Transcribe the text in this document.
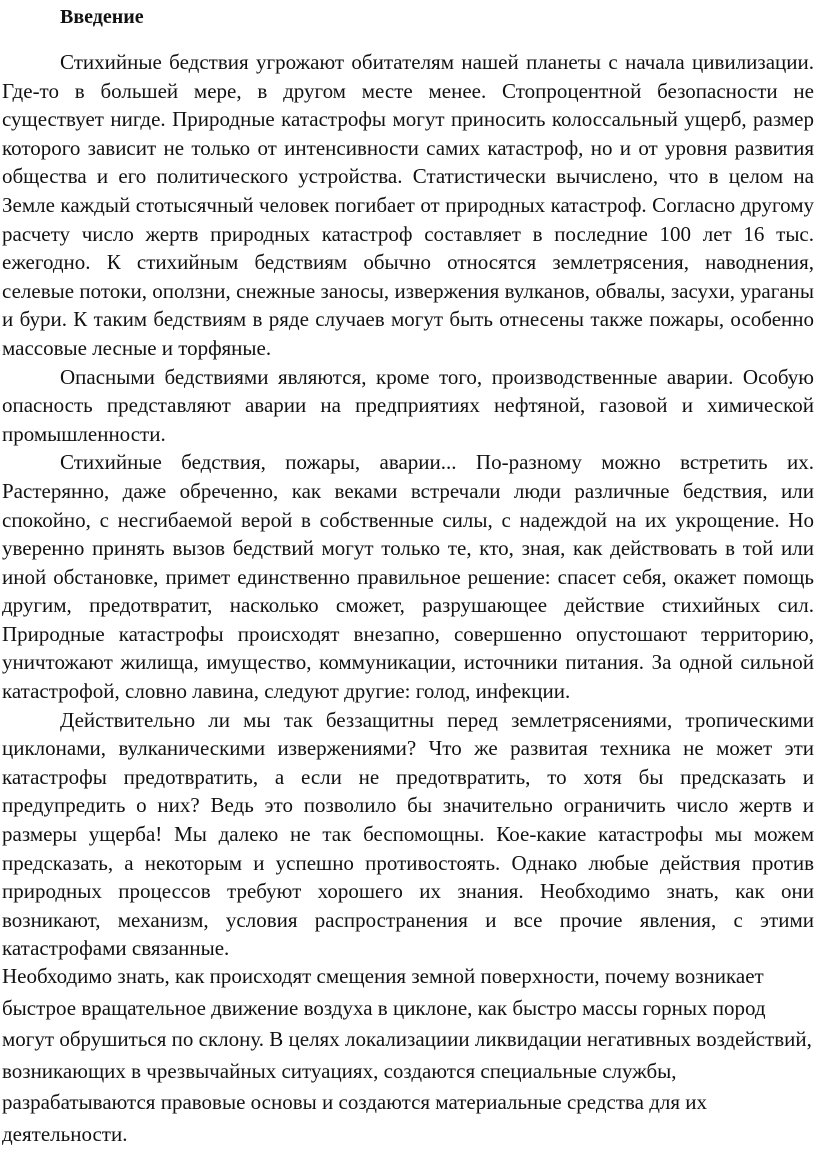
Введение

Стихийные бедствия угрожают обитателям нашей планеты с начала цивилизации. Где-то в большей мере, в другом месте менее. Стопроцентной безопасности не существует нигде. Природные катастрофы могут приносить колоссальный ущерб, размер которого зависит не только от интенсивности самих катастроф, но и от уровня развития общества и его политического устройства. Статистически вычислено, что в целом на Земле каждый стотысячный человек погибает от природных катастроф. Согласно другому расчету число жертв природных катастроф составляет в последние 100 лет 16 тыс. ежегодно. К стихийным бедствиям обычно относятся землетрясения, наводнения, селевые потоки, оползни, снежные заносы, извержения вулканов, обвалы, засухи, ураганы и бури. К таким бедствиям в ряде случаев могут быть отнесены также пожары, особенно массовые лесные и торфяные.

Опасными бедствиями являются, кроме того, производственные аварии. Особую опасность представляют аварии на предприятиях нефтяной, газовой и химической промышленности.

Стихийные бедствия, пожары, аварии... По-разному можно встретить их. Растерянно, даже обреченно, как веками встречали люди различные бедствия, или спокойно, с несгибаемой верой в собственные силы, с надеждой на их укрощение. Но уверенно принять вызов бедствий могут только те, кто, зная, как действовать в той или иной обстановке, примет единственно правильное решение: спасет себя, окажет помощь другим, предотвратит, насколько сможет, разрушающее действие стихийных сил. Природные катастрофы происходят внезапно, совершенно опустошают территорию, уничтожают жилища, имущество, коммуникации, источники питания. За одной сильной катастрофой, словно лавина, следуют другие: голод, инфекции.

Действительно ли мы так беззащитны перед землетрясениями, тропическими циклонами, вулканическими извержениями? Что же развитая техника не может эти катастрофы предотвратить, а если не предотвратить, то хотя бы предсказать и предупредить о них? Ведь это позволило бы значительно ограничить число жертв и размеры ущерба! Мы далеко не так беспомощны. Кое-какие катастрофы мы можем предсказать, а некоторым и успешно противостоять. Однако любые действия против природных процессов требуют хорошего их знания. Необходимо знать, как они возникают, механизм, условия распространения и все прочие явления, с этими катастрофами связанные.

Необходимо знать, как происходят смещения земной поверхности, почему возникает быстрое вращательное движение воздуха в циклоне, как быстро массы горных пород могут обрушиться по склону. В целях локализациии ликвидации негативных воздействий, возникающих в чрезвычайных ситуациях, создаются специальные службы, разрабатываются правовые основы и создаются материальные средства для их деятельности.
